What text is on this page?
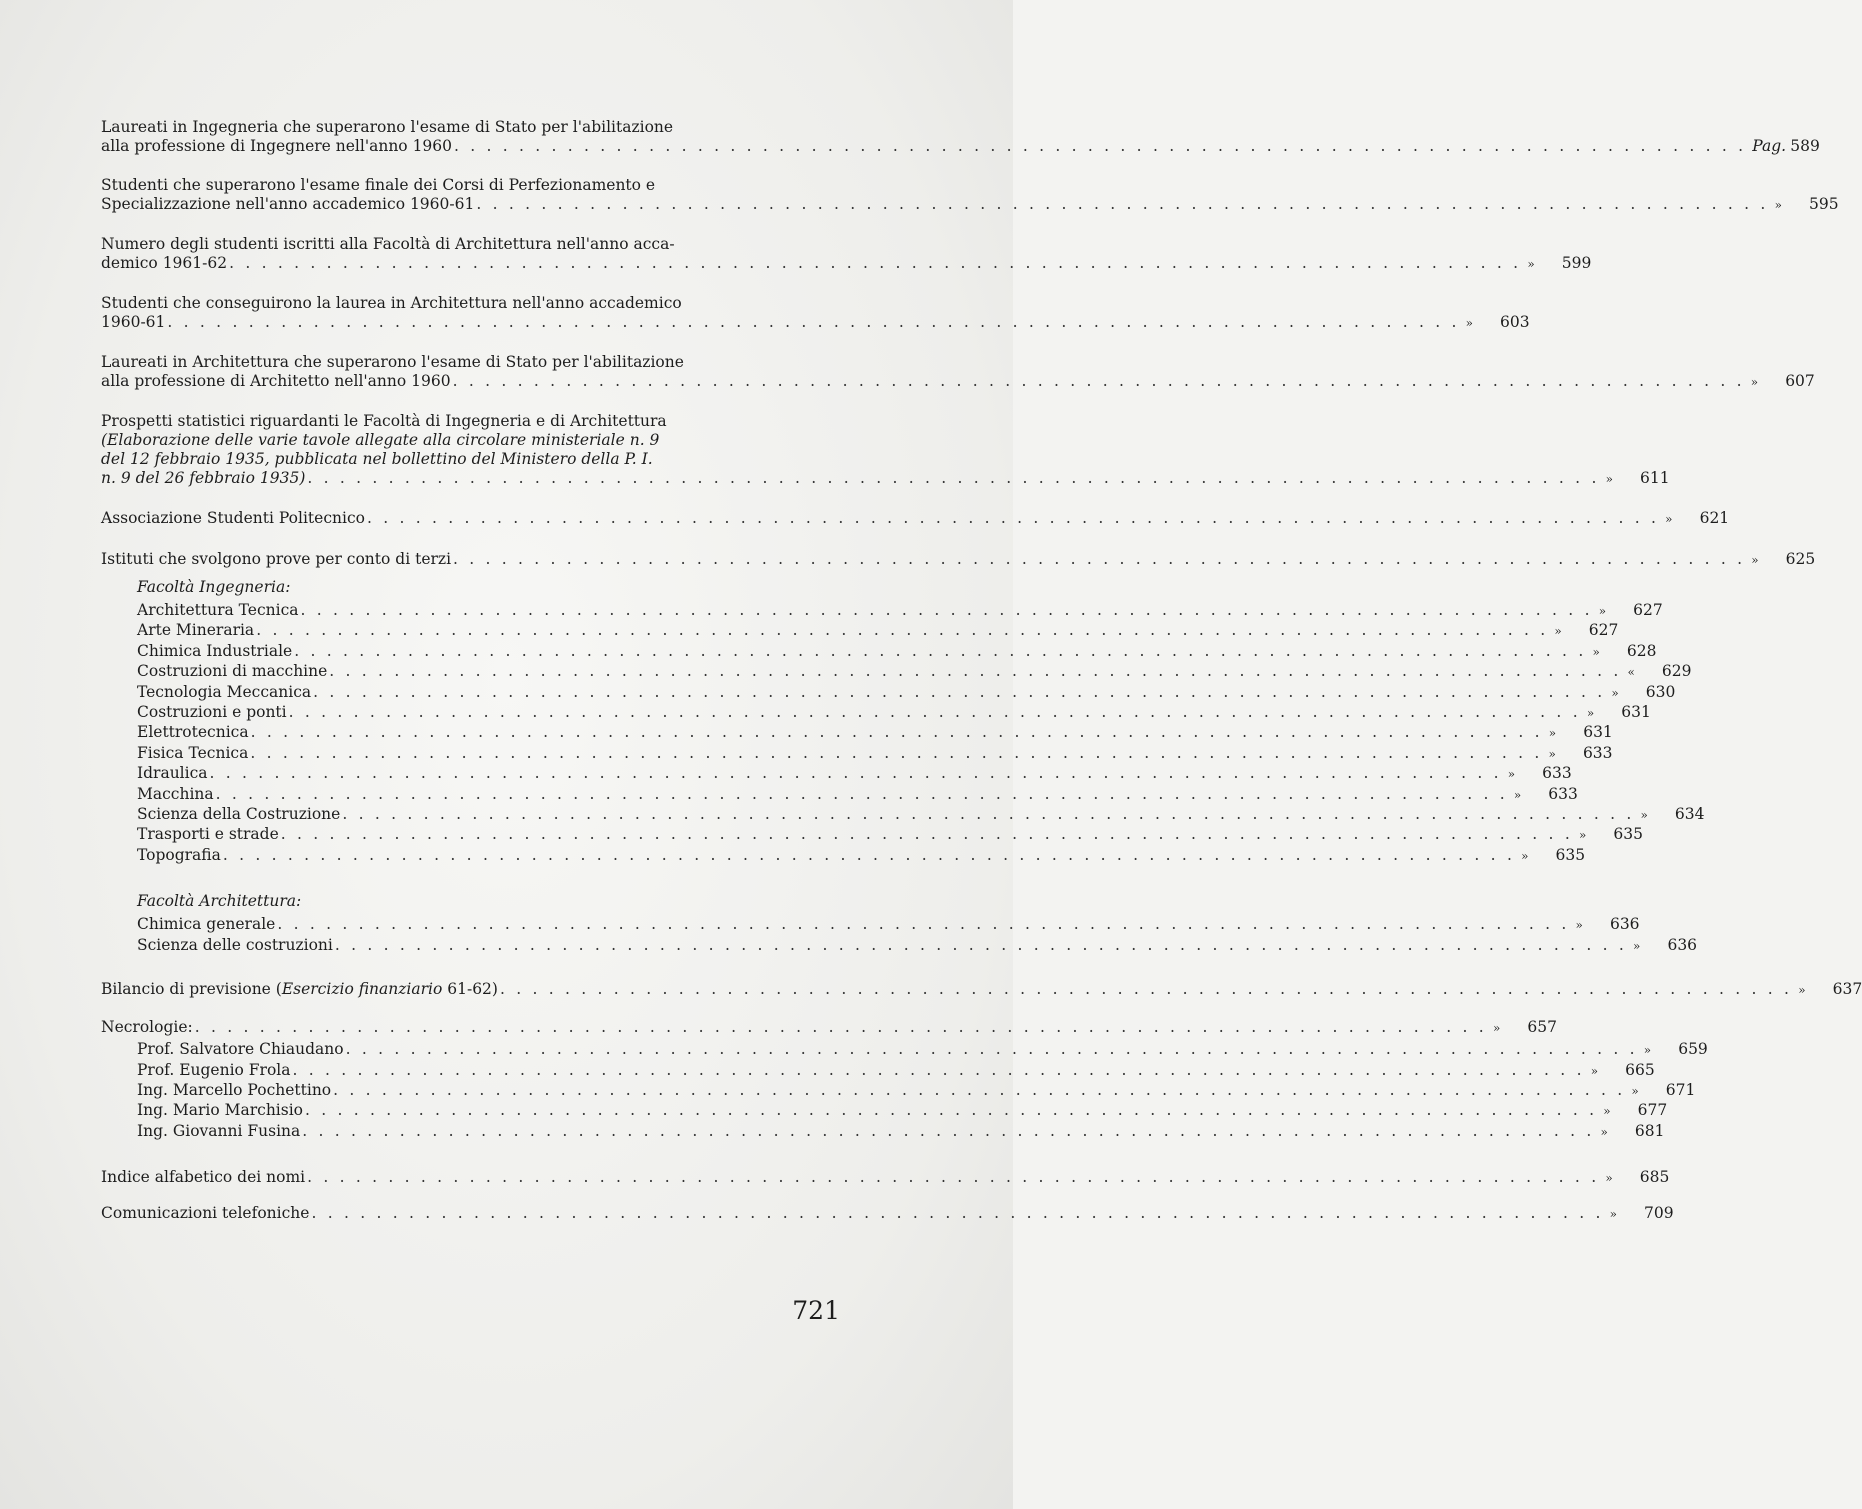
Laureati in Ingegneria che superarono l'esame di Stato per l'abilitazione
alla professione di Ingegnere nell'anno 1960 . . .	Pag. 589
Studenti che superarono l'esame finale dei Corsi di Perfezionamento e
Specializzazione nell'anno accademico 1960-61 . . .	»	595
Numero degli studenti iscritti alla Facoltà di Architettura nell'anno acca-
demico 1961-62 . . .	»	599
Studenti che conseguirono la laurea in Architettura nell'anno accademico
1960-61 . . .	»	603
Laureati in Architettura che superarono l'esame di Stato per l'abilitazione
alla professione di Architetto nell'anno 1960 . . .	»	607
Prospetti statistici riguardanti le Facoltà di Ingegneria e di Architettura
(Elaborazione delle varie tavole allegate alla circolare ministeriale n. 9
del 12 febbraio 1935, pubblicata nel bollettino del Ministero della P. I.
n. 9 del 26 febbraio 1935) . . .	»	611
Associazione Studenti Politecnico . . .	»	621
Istituti che svolgono prove per conto di terzi . . .	»	625
Facoltà Ingegneria:
Architettura Tecnica . . .	»	627
Arte Mineraria . . .	»	627
Chimica Industriale . . .	»	628
Costruzioni di macchine . . .	«	629
Tecnologia Meccanica . . .	»	630
Costruzioni e ponti . . .	»	631
Elettrotecnica . . .	»	631
Fisica Tecnica . . .	»	633
Idraulica . . .	»	633
Macchina . . .	»	633
Scienza della Costruzione . . .	»	634
Trasporti e strade . . .	»	635
Topografia . . .	»	635
Facoltà Architettura:
Chimica generale . . .	»	636
Scienza delle costruzioni . . .	»	636
Bilancio di previsione (Esercizio finanziario 61-62) . . .	»	637
Necrologie: . . .	»	657
Prof. Salvatore Chiaudano . . .	»	659
Prof. Eugenio Frola . . .	»	665
Ing. Marcello Pochettino . . .	»	671
Ing. Mario Marchisio . . .	»	677
Ing. Giovanni Fusina . . .	»	681
Indice alfabetico dei nomi . . .	»	685
Comunicazioni telefoniche . . .	»	709
721
